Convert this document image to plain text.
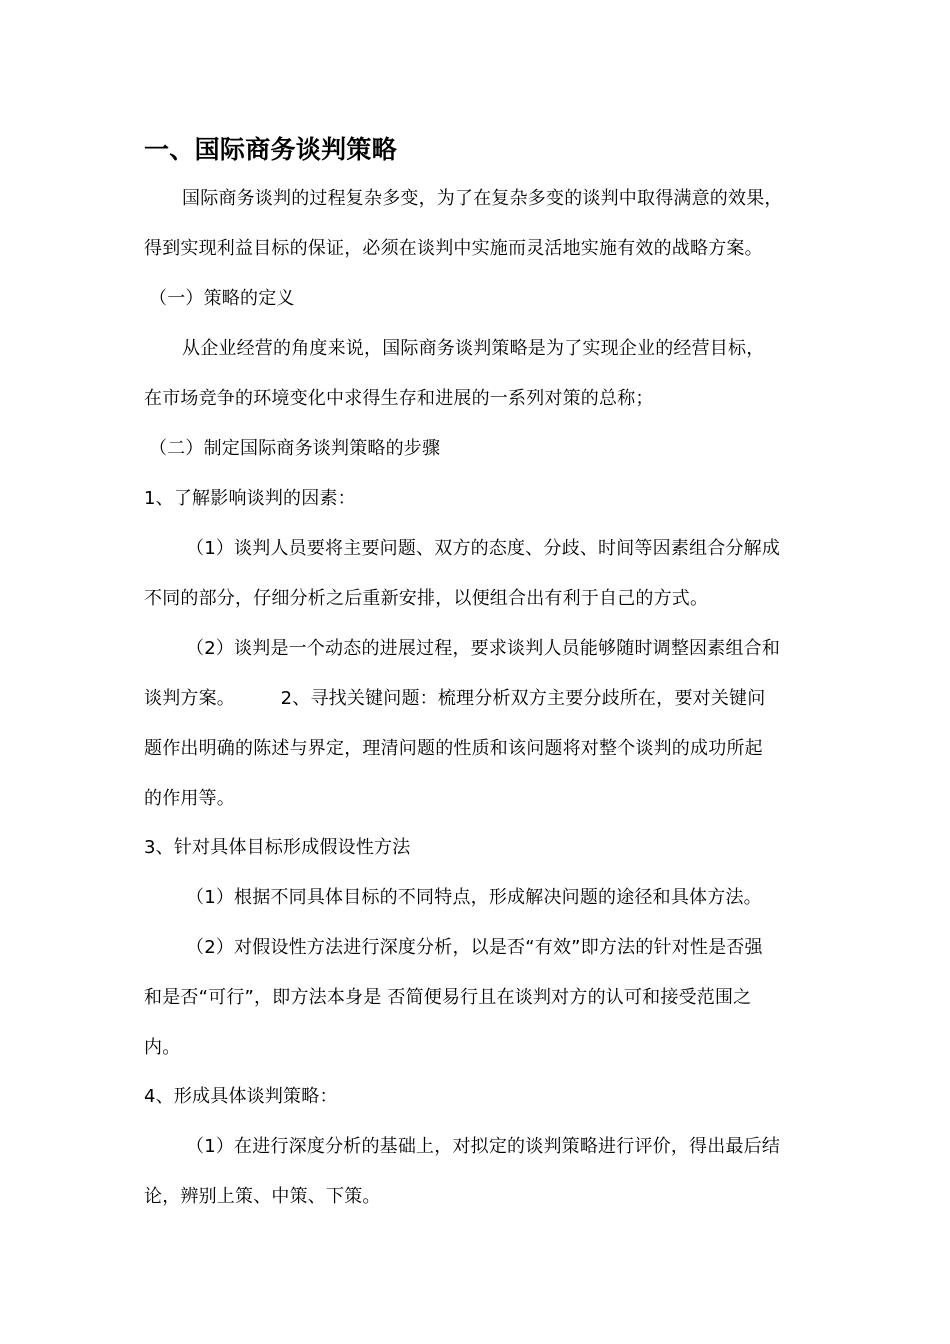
一、国际商务谈判策略
国际商务谈判的过程复杂多变，为了在复杂多变的谈判中取得满意的效果，
得到实现利益目标的保证，必须在谈判中实施而灵活地实施有效的战略方案。
（一）策略的定义
从企业经营的角度来说，国际商务谈判策略是为了实现企业的经营目标，
在市场竞争的环境变化中求得生存和进展的一系列对策的总称；
（二）制定国际商务谈判策略的步骤
1、了解影响谈判的因素：
（1）谈判人员要将主要问题、双方的态度、分歧、时间等因素组合分解成
不同的部分，仔细分析之后重新安排，以便组合出有利于自己的方式。
（2）谈判是一个动态的进展过程，要求谈判人员能够随时调整因素组合和
谈判方案。　　　2、寻找关键问题：梳理分析双方主要分歧所在，要对关键问
题作出明确的陈述与界定，理清问题的性质和该问题将对整个谈判的成功所起
的作用等。
3、针对具体目标形成假设性方法
（1）根据不同具体目标的不同特点，形成解决问题的途径和具体方法。
（2）对假设性方法进行深度分析，以是否“有效”即方法的针对性是否强
和是否“可行”，即方法本身是 否简便易行且在谈判对方的认可和接受范围之
内。
4、形成具体谈判策略：
（1）在进行深度分析的基础上，对拟定的谈判策略进行评价，得出最后结
论，辨别上策、中策、下策。
